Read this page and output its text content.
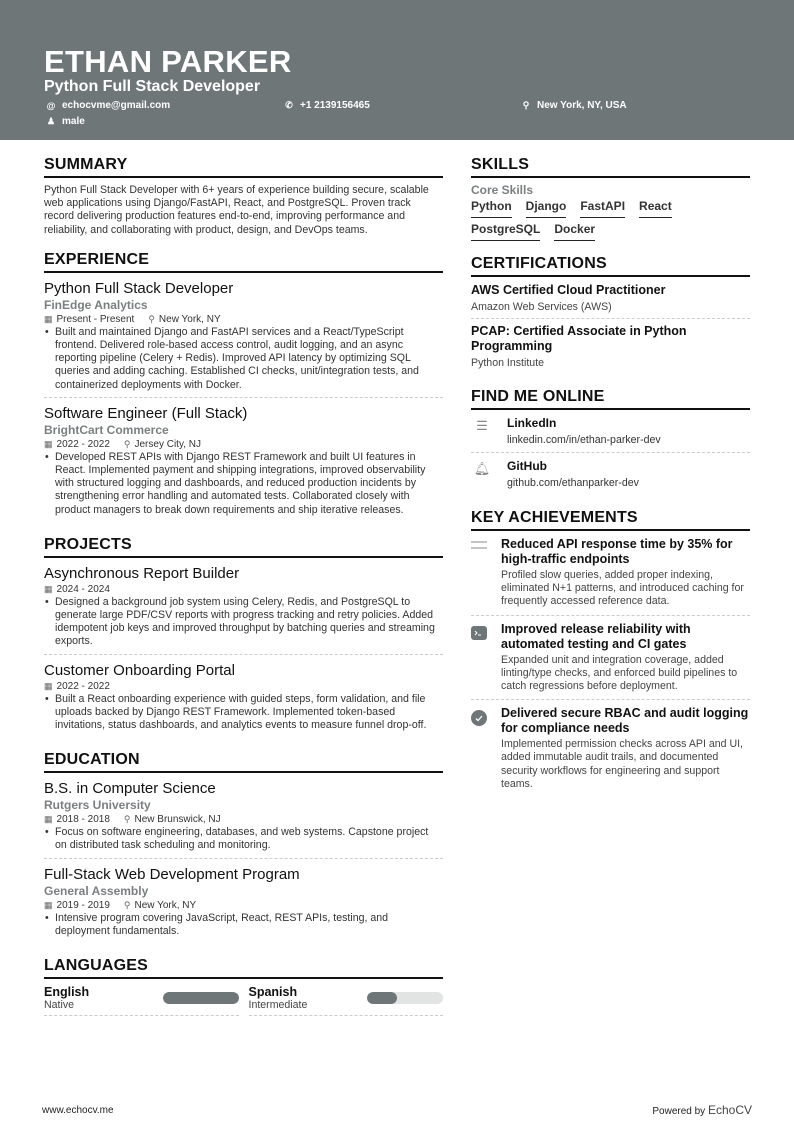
ETHAN PARKER
Python Full Stack Developer
@ echocvme@gmail.com	✆ +1 2139156465	⚲ New York, NY, USA
♟ male
SUMMARY
Python Full Stack Developer with 6+ years of experience building secure, scalable web applications using Django/FastAPI, React, and PostgreSQL. Proven track record delivering production features end-to-end, improving performance and reliability, and collaborating with product, design, and DevOps teams.
EXPERIENCE
Python Full Stack Developer
FinEdge Analytics
▦ Present - Present ⚲ New York, NY
• Built and maintained Django and FastAPI services and a React/TypeScript frontend. Delivered role-based access control, audit logging, and an async reporting pipeline (Celery + Redis). Improved API latency by optimizing SQL queries and adding caching. Established CI checks, unit/integration tests, and containerized deployments with Docker.
Software Engineer (Full Stack)
BrightCart Commerce
▦ 2022 - 2022 ⚲ Jersey City, NJ
• Developed REST APIs with Django REST Framework and built UI features in React. Implemented payment and shipping integrations, improved observability with structured logging and dashboards, and reduced production incidents by strengthening error handling and automated tests. Collaborated closely with product managers to break down requirements and ship iterative releases.
PROJECTS
Asynchronous Report Builder
▦ 2024 - 2024
• Designed a background job system using Celery, Redis, and PostgreSQL to generate large PDF/CSV reports with progress tracking and retry policies. Added idempotent job keys and improved throughput by batching queries and streaming exports.
Customer Onboarding Portal
▦ 2022 - 2022
• Built a React onboarding experience with guided steps, form validation, and file uploads backed by Django REST Framework. Implemented token-based invitations, status dashboards, and analytics events to measure funnel drop-off.
EDUCATION
B.S. in Computer Science
Rutgers University
▦ 2018 - 2018 ⚲ New Brunswick, NJ
• Focus on software engineering, databases, and web systems. Capstone project on distributed task scheduling and monitoring.
Full-Stack Web Development Program
General Assembly
▦ 2019 - 2019 ⚲ New York, NY
• Intensive program covering JavaScript, React, REST APIs, testing, and deployment fundamentals.
LANGUAGES
English
Native
Spanish
Intermediate
SKILLS
Core Skills
Python Django FastAPI React
PostgreSQL Docker
CERTIFICATIONS
AWS Certified Cloud Practitioner
Amazon Web Services (AWS)
PCAP: Certified Associate in Python Programming
Python Institute
FIND ME ONLINE
☰	LinkedIn
linkedin.com/in/ethan-parker-dev
🔔︎ GitHub
github.com/ethanparker-dev
KEY ACHIEVEMENTS
Reduced API response time by 35% for high-traffic endpoints
Profiled slow queries, added proper indexing, eliminated N+1 patterns, and introduced caching for frequently accessed reference data.
Improved release reliability with automated testing and CI gates
Expanded unit and integration coverage, added linting/type checks, and enforced build pipelines to catch regressions before deployment.
Delivered secure RBAC and audit logging for compliance needs
Implemented permission checks across API and UI, added immutable audit trails, and documented security workflows for engineering and support teams.
www.echocv.me	Powered by EchoCV
